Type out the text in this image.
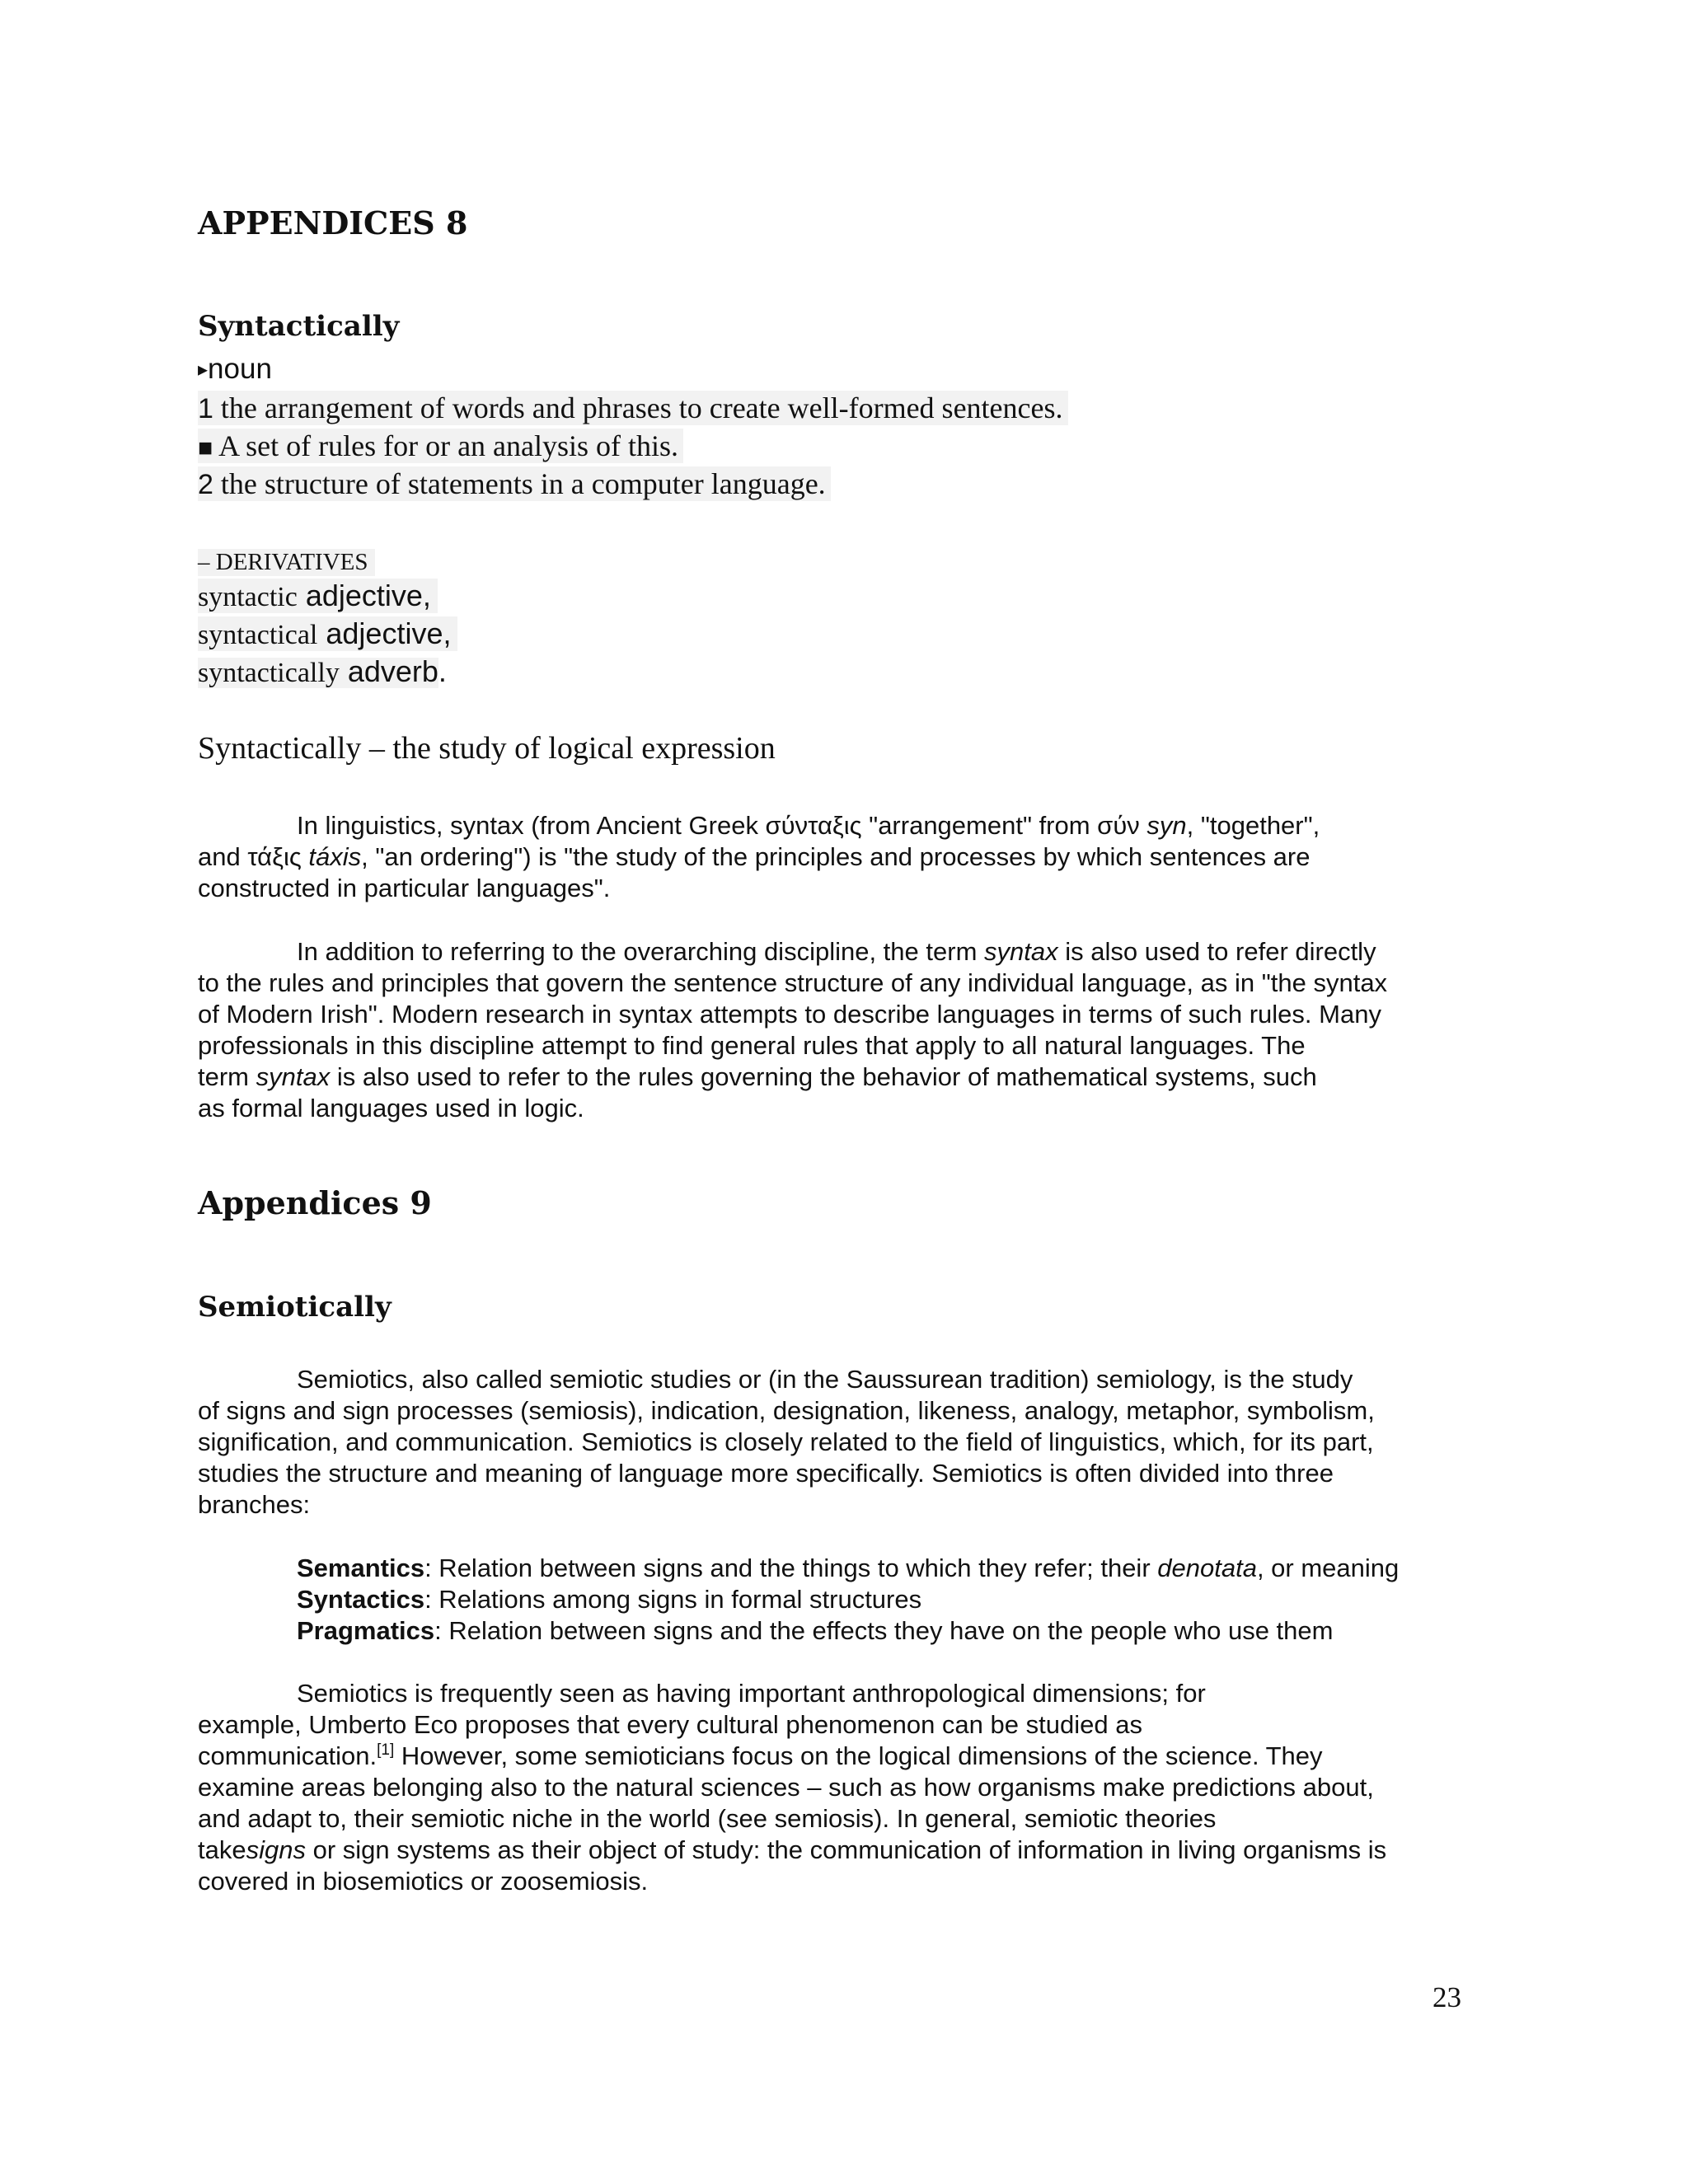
APPENDICES 8
Syntactically
▸noun
1 the arrangement of words and phrases to create well-formed sentences.
■ A set of rules for or an analysis of this.
2 the structure of statements in a computer language.
– DERIVATIVES
syntactic adjective,
syntactical adjective,
syntactically adverb.
Syntactically – the study of logical expression
In linguistics, syntax (from Ancient Greek σύνταξις "arrangement" from σύν syn, "together",
and τάξις táxis, "an ordering") is "the study of the principles and processes by which sentences are
constructed in particular languages".
In addition to referring to the overarching discipline, the term syntax is also used to refer directly
to the rules and principles that govern the sentence structure of any individual language, as in "the syntax
of Modern Irish". Modern research in syntax attempts to describe languages in terms of such rules. Many
professionals in this discipline attempt to find general rules that apply to all natural languages. The
term syntax is also used to refer to the rules governing the behavior of mathematical systems, such
as formal languages used in logic.
Appendices 9
Semiotically
Semiotics, also called semiotic studies or (in the Saussurean tradition) semiology, is the study
of signs and sign processes (semiosis), indication, designation, likeness, analogy, metaphor, symbolism,
signification, and communication. Semiotics is closely related to the field of linguistics, which, for its part,
studies the structure and meaning of language more specifically. Semiotics is often divided into three
branches:
Semantics: Relation between signs and the things to which they refer; their denotata, or meaning
Syntactics: Relations among signs in formal structures
Pragmatics: Relation between signs and the effects they have on the people who use them
Semiotics is frequently seen as having important anthropological dimensions; for
example, Umberto Eco proposes that every cultural phenomenon can be studied as
communication.[1] However, some semioticians focus on the logical dimensions of the science. They
examine areas belonging also to the natural sciences – such as how organisms make predictions about,
and adapt to, their semiotic niche in the world (see semiosis). In general, semiotic theories
takesigns or sign systems as their object of study: the communication of information in living organisms is
covered in biosemiotics or zoosemiosis.
23
